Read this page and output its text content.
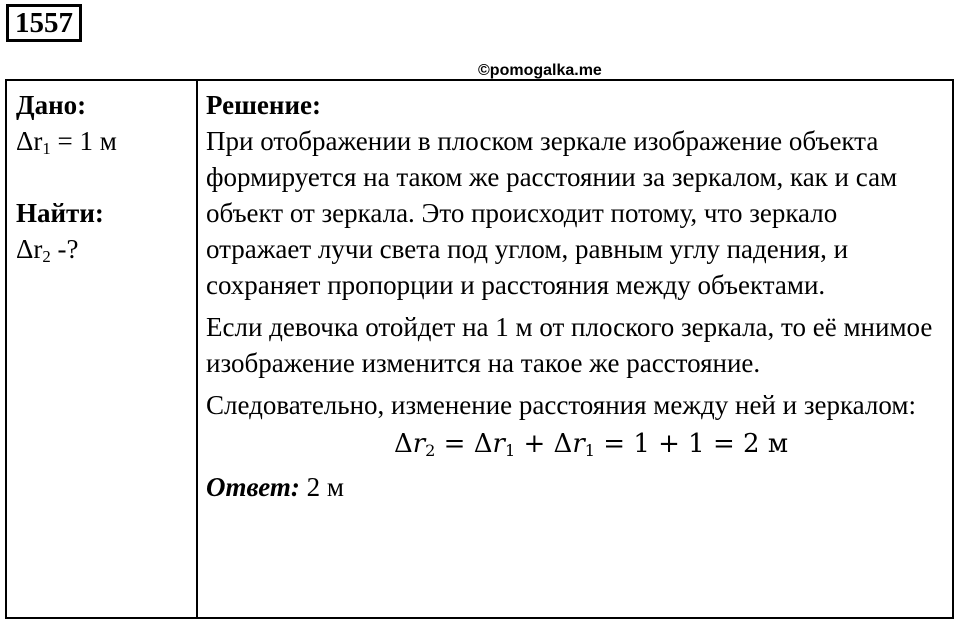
1557
©pomogalka.me
Дано:
$\Delta r_1 = 1$ м
Найти:
$\Delta r_2$ -?
Решение:

При отображении в плоском зеркале изображение объекта формируется на таком же расстоянии за зеркалом, как и сам объект от зеркала. Это происходит потому, что зеркало отражает лучи света под углом, равным углу падения, и сохраняет пропорции и расстояния между объектами.

Если девочка отойдет на 1 м от плоского зеркала, то её мнимое изображение изменится на такое же расстояние.

Следовательно, изменение расстояния между ней и зеркалом:

$\Delta r_2 = \Delta r_1 + \Delta r_1 = 1 + 1 = 2$ м
Ответ: 2 м
